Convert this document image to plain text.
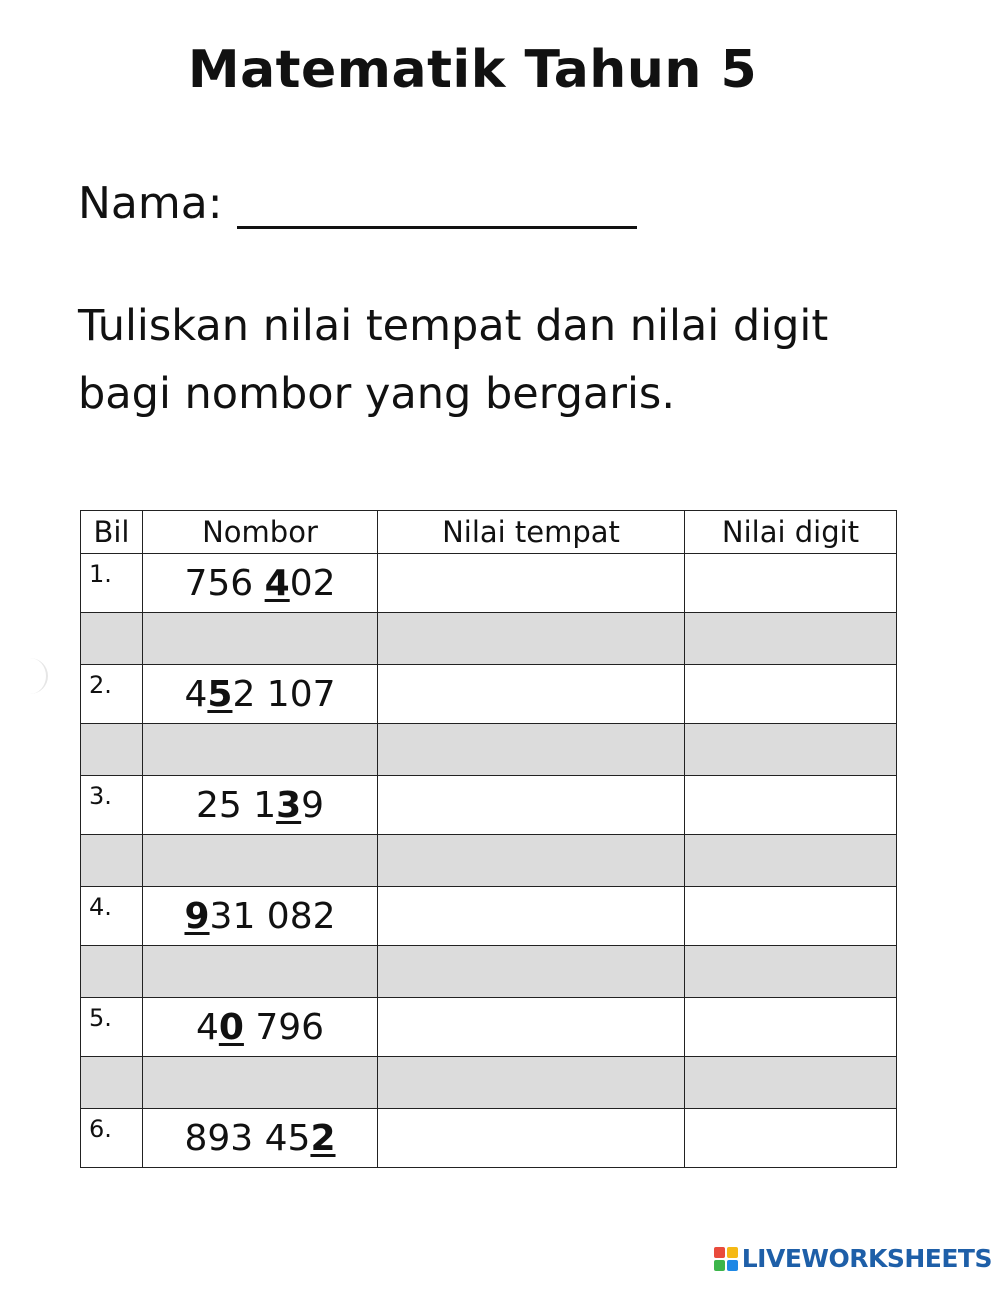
Matematik Tahun 5
Nama:
Tuliskan nilai tempat dan nilai digit
bagi nombor yang bergaris.
Bil	Nombor	Nilai tempat	Nilai digit
1.	756 402		

2.	452 107		

3.	25 139		

4.	931 082		

5.	40 796		

6.	893 452		
LIVEWORKSHEETS
